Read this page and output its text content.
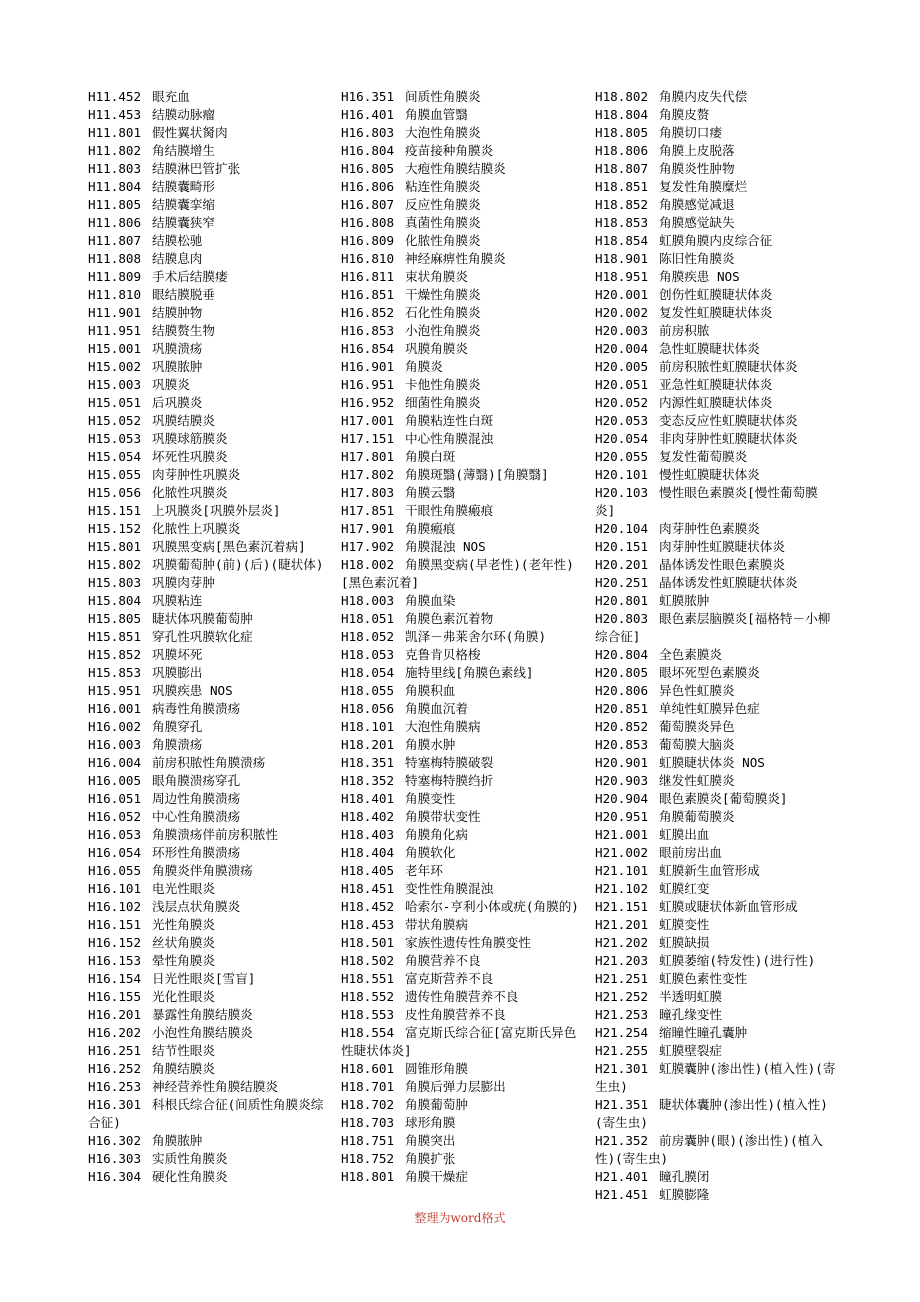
H11.452 眼充血
H11.453 结膜动脉瘤
H11.801 假性翼状胬肉
H11.802 角结膜增生
H11.803 结膜淋巴管扩张
H11.804 结膜囊畸形
H11.805 结膜囊挛缩
H11.806 结膜囊狭窄
H11.807 结膜松驰
H11.808 结膜息肉
H11.809 手术后结膜瘘
H11.810 眼结膜脱垂
H11.901 结膜肿物
H11.951 结膜赘生物
H15.001 巩膜溃疡
H15.002 巩膜脓肿
H15.003 巩膜炎
H15.051 后巩膜炎
H15.052 巩膜结膜炎
H15.053 巩膜球筋膜炎
H15.054 坏死性巩膜炎
H15.055 肉芽肿性巩膜炎
H15.056 化脓性巩膜炎
H15.151 上巩膜炎[巩膜外层炎]
H15.152 化脓性上巩膜炎
H15.801 巩膜黑变病[黑色素沉着病]
H15.802 巩膜葡萄肿(前)(后)(睫状体)
H15.803 巩膜肉芽肿
H15.804 巩膜粘连
H15.805 睫状体巩膜葡萄肿
H15.851 穿孔性巩膜软化症
H15.852 巩膜坏死
H15.853 巩膜膨出
H15.951 巩膜疾患 NOS
H16.001 病毒性角膜溃疡
H16.002 角膜穿孔
H16.003 角膜溃疡
H16.004 前房积脓性角膜溃疡
H16.005 眼角膜溃疡穿孔
H16.051 周边性角膜溃疡
H16.052 中心性角膜溃疡
H16.053 角膜溃疡伴前房积脓性
H16.054 环形性角膜溃疡
H16.055 角膜炎伴角膜溃疡
H16.101 电光性眼炎
H16.102 浅层点状角膜炎
H16.151 光性角膜炎
H16.152 丝状角膜炎
H16.153 晕性角膜炎
H16.154 日光性眼炎[雪盲]
H16.155 光化性眼炎
H16.201 暴露性角膜结膜炎
H16.202 小泡性角膜结膜炎
H16.251 结节性眼炎
H16.252 角膜结膜炎
H16.253 神经营养性角膜结膜炎
H16.301 科根氏综合征(间质性角膜炎综合征)
H16.302 角膜脓肿
H16.303 实质性角膜炎
H16.304 硬化性角膜炎
H16.351 间质性角膜炎
H16.401 角膜血管翳
H16.803 大泡性角膜炎
H16.804 疫苗接种角膜炎
H16.805 大疱性角膜结膜炎
H16.806 粘连性角膜炎
H16.807 反应性角膜炎
H16.808 真菌性角膜炎
H16.809 化脓性角膜炎
H16.810 神经麻痹性角膜炎
H16.811 束状角膜炎
H16.851 干燥性角膜炎
H16.852 石化性角膜炎
H16.853 小泡性角膜炎
H16.854 巩膜角膜炎
H16.901 角膜炎
H16.951 卡他性角膜炎
H16.952 细菌性角膜炎
H17.001 角膜粘连性白斑
H17.151 中心性角膜混浊
H17.801 角膜白斑
H17.802 角膜斑翳(薄翳)[角膜翳]
H17.803 角膜云翳
H17.851 干眼性角膜瘢痕
H17.901 角膜瘢痕
H17.902 角膜混浊 NOS
H18.002 角膜黑变病(早老性)(老年性)[黑色素沉着]
H18.003 角膜血染
H18.051 角膜色素沉着物
H18.052 凯泽－弗莱舍尔环(角膜)
H18.053 克鲁肯贝格梭
H18.054 施特里线[角膜色素线]
H18.055 角膜积血
H18.056 角膜血沉着
H18.101 大泡性角膜病
H18.201 角膜水肿
H18.351 特塞梅特膜破裂
H18.352 特塞梅特膜绉折
H18.401 角膜变性
H18.402 角膜带状变性
H18.403 角膜角化病
H18.404 角膜软化
H18.405 老年环
H18.451 变性性角膜混浊
H18.452 哈索尔-亨利小体或疣(角膜的)
H18.453 带状角膜病
H18.501 家族性遗传性角膜变性
H18.502 角膜营养不良
H18.551 富克斯营养不良
H18.552 遗传性角膜营养不良
H18.553 皮性角膜营养不良
H18.554 富克斯氏综合征[富克斯氏异色性睫状体炎]
H18.601 圆锥形角膜
H18.701 角膜后弹力层膨出
H18.702 角膜葡萄肿
H18.703 球形角膜
H18.751 角膜突出
H18.752 角膜扩张
H18.801 角膜干燥症
H18.802 角膜内皮失代偿
H18.804 角膜皮赘
H18.805 角膜切口瘘
H18.806 角膜上皮脱落
H18.807 角膜炎性肿物
H18.851 复发性角膜糜烂
H18.852 角膜感觉减退
H18.853 角膜感觉缺失
H18.854 虹膜角膜内皮综合征
H18.901 陈旧性角膜炎
H18.951 角膜疾患 NOS
H20.001 创伤性虹膜睫状体炎
H20.002 复发性虹膜睫状体炎
H20.003 前房积脓
H20.004 急性虹膜睫状体炎
H20.005 前房积脓性虹膜睫状体炎
H20.051 亚急性虹膜睫状体炎
H20.052 内源性虹膜睫状体炎
H20.053 变态反应性虹膜睫状体炎
H20.054 非肉芽肿性虹膜睫状体炎
H20.055 复发性葡萄膜炎
H20.101 慢性虹膜睫状体炎
H20.103 慢性眼色素膜炎[慢性葡萄膜炎]
H20.104 肉芽肿性色素膜炎
H20.151 肉芽肿性虹膜睫状体炎
H20.201 晶体诱发性眼色素膜炎
H20.251 晶体诱发性虹膜睫状体炎
H20.801 虹膜脓肿
H20.803 眼色素层脑膜炎[福格特－小柳综合征]
H20.804 全色素膜炎
H20.805 眼坏死型色素膜炎
H20.806 异色性虹膜炎
H20.851 单纯性虹膜异色症
H20.852 葡萄膜炎异色
H20.853 葡萄膜大脑炎
H20.901 虹膜睫状体炎 NOS
H20.903 继发性虹膜炎
H20.904 眼色素膜炎[葡萄膜炎]
H20.951 角膜葡萄膜炎
H21.001 虹膜出血
H21.002 眼前房出血
H21.101 虹膜新生血管形成
H21.102 虹膜红变
H21.151 虹膜或睫状体新血管形成
H21.201 虹膜变性
H21.202 虹膜缺损
H21.203 虹膜萎缩(特发性)(进行性)
H21.251 虹膜色素性变性
H21.252 半透明虹膜
H21.253 瞳孔缘变性
H21.254 缩瞳性瞳孔囊肿
H21.255 虹膜壁裂症
H21.301 虹膜囊肿(渗出性)(植入性)(寄生虫)
H21.351 睫状体囊肿(渗出性)(植入性)(寄生虫)
H21.352 前房囊肿(眼)(渗出性)(植入性)(寄生虫)
H21.401 瞳孔膜闭
H21.451 虹膜膨隆
整理为word格式
